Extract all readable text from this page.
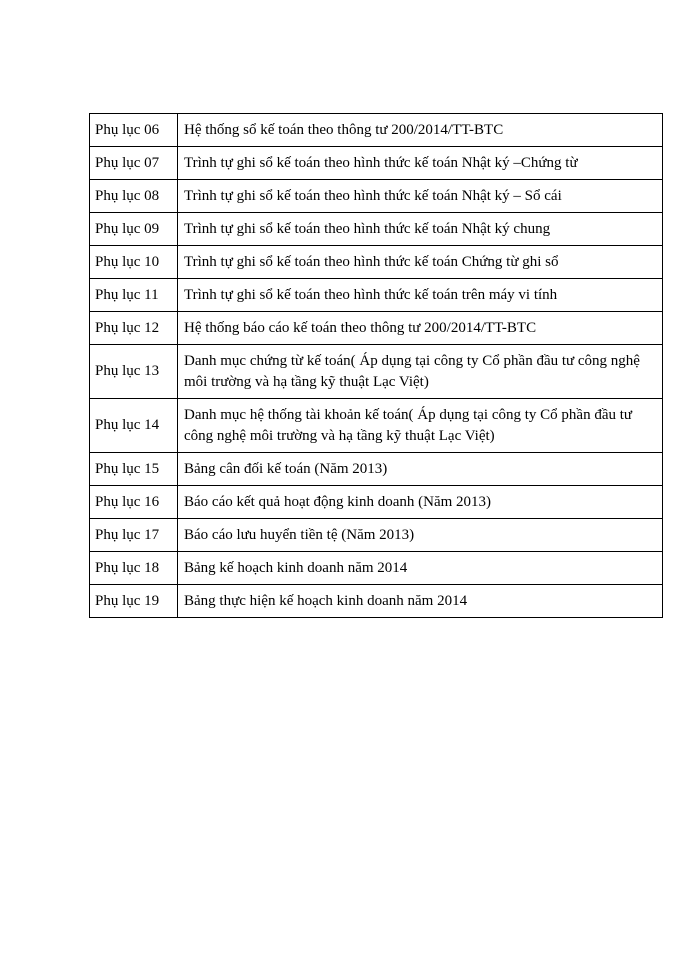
Phụ lục 06	Hệ thống sổ kế toán theo thông tư 200/2014/TT-BTC
Phụ lục 07	Trình tự ghi sổ kế toán theo hình thức kế toán Nhật ký –Chứng từ
Phụ lục 08	Trình tự ghi sổ kế toán theo hình thức kế toán Nhật ký – Sổ cái
Phụ lục 09	Trình tự ghi sổ kế toán theo hình thức kế toán Nhật ký chung
Phụ lục 10	Trình tự ghi sổ kế toán theo hình thức kế toán Chứng từ ghi sổ
Phụ lục 11	Trình tự ghi sổ kế toán theo hình thức kế toán trên máy vi tính
Phụ lục 12	Hệ thống báo cáo kế toán theo thông tư 200/2014/TT-BTC
Phụ lục 13	Danh mục chứng từ kế toán( Áp dụng tại công ty Cổ phần đầu tư công nghệ môi trường và hạ tầng kỹ thuật Lạc Việt)
Phụ lục 14	Danh mục hệ thống tài khoản kế toán( Áp dụng tại công ty Cổ phần đầu tư công nghệ môi trường và hạ tầng kỹ thuật Lạc Việt)
Phụ lục 15	Bảng cân đối kế toán (Năm 2013)
Phụ lục 16	Báo cáo kết quả hoạt động kinh doanh (Năm 2013)
Phụ lục 17	Báo cáo lưu huyển tiền tệ (Năm 2013)
Phụ lục 18	Bảng kế hoạch kinh doanh năm 2014
Phụ lục 19	Bảng thực hiện kế hoạch kinh doanh năm 2014
